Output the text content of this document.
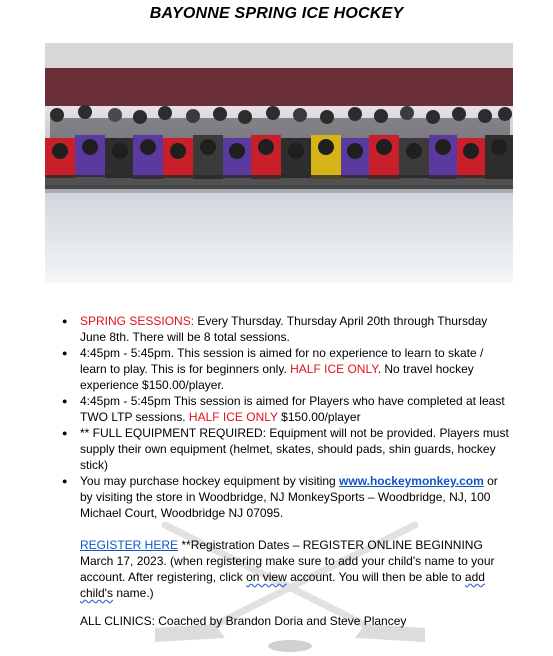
BAYONNE SPRING ICE HOCKEY
● SPRING SESSIONS: Every Thursday. Thursday April 20th through Thursday June 8th. There will be 8 total sessions.
● 4:45pm - 5:45pm. This session is aimed for no experience to learn to skate / learn to play. This is for beginners only. HALF ICE ONLY. No travel hockey experience $150.00/player.
● 4:45pm - 5:45pm This session is aimed for Players who have completed at least TWO LTP sessions. HALF ICE ONLY $150.00/player
● ** FULL EQUIPMENT REQUIRED: Equipment will not be provided. Players must supply their own equipment (helmet, skates, should pads, shin guards, hockey stick)
● You may purchase hockey equipment by visiting www.hockeymonkey.com or by visiting the store in Woodbridge, NJ MonkeySports – Woodbridge, NJ, 100 Michael Court, Woodbridge NJ 07095.
REGISTER HERE **Registration Dates – REGISTER ONLINE BEGINNING March 17, 2023. (when registering make sure to add your child's name to your account. After registering, click on view account. You will then be able to add child's name.)
ALL CLINICS: Coached by Brandon Doria and Steve Plancey
